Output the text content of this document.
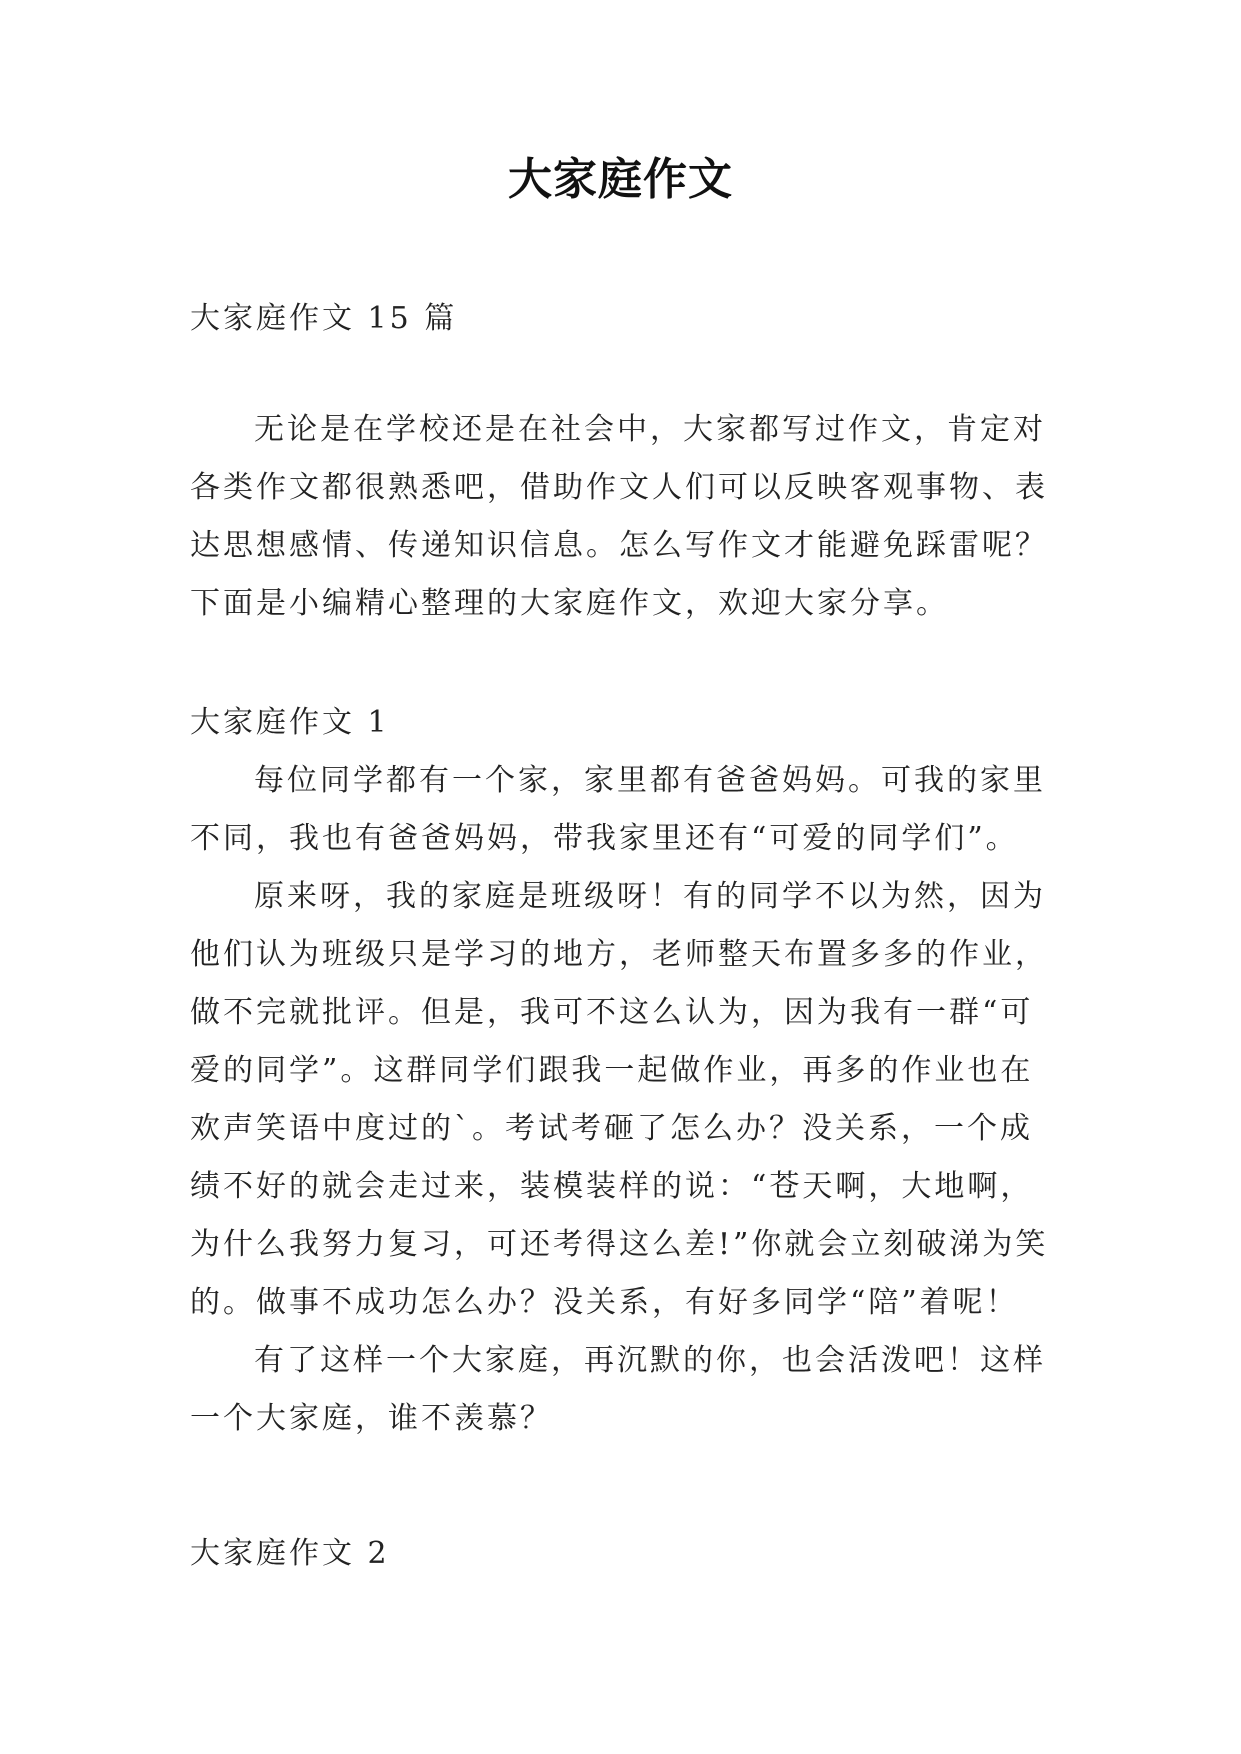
大家庭作文
大家庭作文 15 篇
无论是在学校还是在社会中，大家都写过作文，肯定对各类作文都很熟悉吧，借助作文人们可以反映客观事物、表达思想感情、传递知识信息。怎么写作文才能避免踩雷呢？下面是小编精心整理的大家庭作文，欢迎大家分享。
大家庭作文 1

每位同学都有一个家，家里都有爸爸妈妈。可我的家里不同，我也有爸爸妈妈，带我家里还有“可爱的同学们”。

原来呀，我的家庭是班级呀！有的同学不以为然，因为他们认为班级只是学习的地方，老师整天布置多多的作业，做不完就批评。但是，我可不这么认为，因为我有一群“可爱的同学”。这群同学们跟我一起做作业，再多的作业也在欢声笑语中度过的`。考试考砸了怎么办？没关系，一个成绩不好的就会走过来，装模装样的说：“苍天啊，大地啊，为什么我努力复习，可还考得这么差!”你就会立刻破涕为笑的。做事不成功怎么办？没关系，有好多同学“陪”着呢！

有了这样一个大家庭，再沉默的你，也会活泼吧！这样一个大家庭，谁不羡慕？

大家庭作文 2
